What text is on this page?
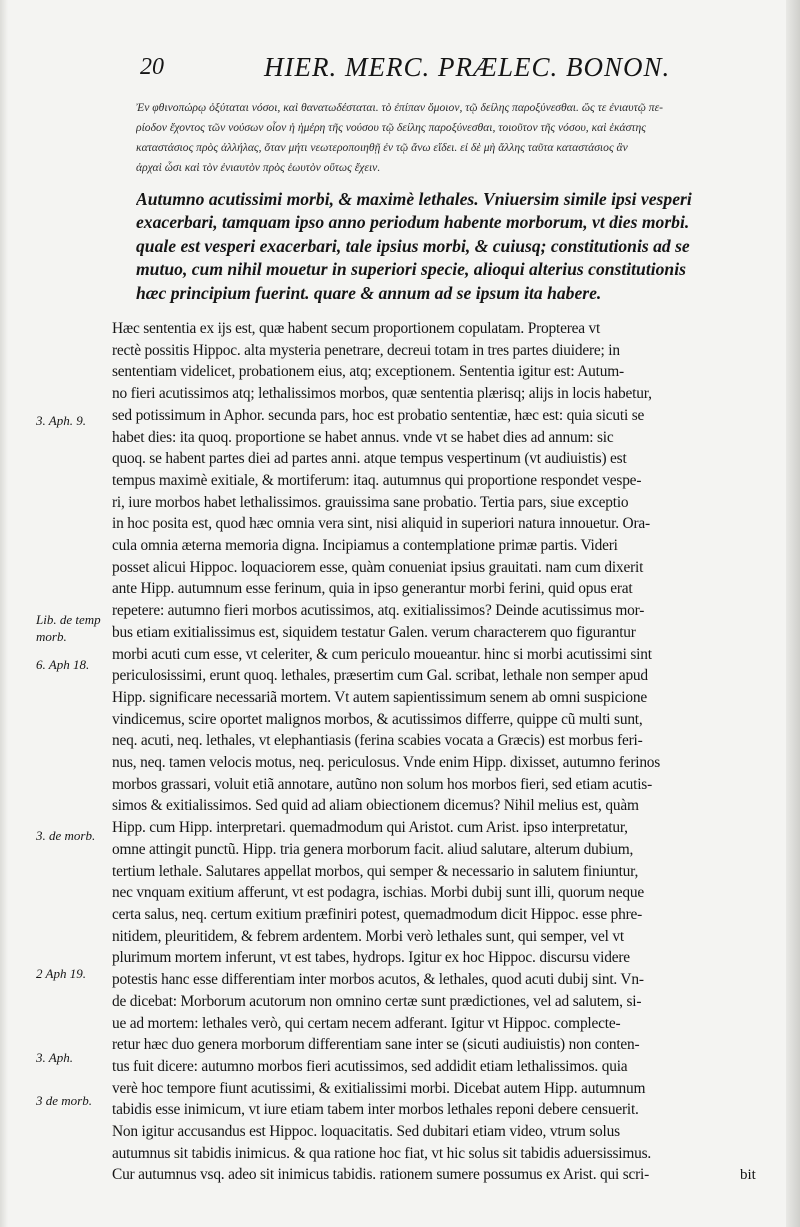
20	HIER. MERC. PRÆLEC. BONON.
Ἐν φθινοπώρῳ ὀξύταται νόσοι, καὶ θανατωδέσταται. τὸ ἐπίπαν ὅμοιον, τῷ δείλης παροξύνεσθαι. ὥς τε ἐνιαυτῷ πε-
ρίοδον ἔχοντος τῶν νούσων οἷον ἡ ἡμέρη τῆς νούσου τῷ δείλης παροξύνεσθαι, τοιοῦτον τῆς νόσου, καὶ ἑκάστης
καταστάσιος πρὸς ἀλλήλας, ὅταν μήτι νεωτεροποιηθῇ ἐν τῷ ἄνω εἴδει. εἰ δὲ μὴ ἄλλης ταῦτα καταστάσιος ἂν
ἀρχαὶ ὧσι καὶ τὸν ἐνιαυτὸν πρὸς ἑωυτὸν οὕτως ἔχειν.
Autumno acutissimi morbi, & maximè lethales. Vniuersim simile ipsi vesperi
exacerbari, tamquam ipso anno periodum habente morborum, vt dies morbi.
quale est vesperi exacerbari, tale ipsius morbi, & cuiusq; constitutionis ad se
mutuo, cum nihil mouetur in superiori specie, alioqui alterius constitutionis
hæc principium fuerint. quare & annum ad se ipsum ita habere.
Hæc sententia ex ijs est, quæ habent secum proportionem copulatam. Propterea vt
rectè possitis Hippoc. alta mysteria penetrare, decreui totam in tres partes diuidere; in
sententiam videlicet, probationem eius, atq; exceptionem. Sententia igitur est: Autum-
no fieri acutissimos atq; lethalissimos morbos, quæ sententia plærisq; alijs in locis habetur,
sed potissimum in Aphor. secunda pars, hoc est probatio sententiæ, hæc est: quia sicuti se
habet dies: ita quoq. proportione se habet annus. vnde vt se habet dies ad annum: sic
quoq. se habent partes diei ad partes anni. atque tempus vespertinum (vt audiuistis) est
tempus maximè exitiale, & mortiferum: itaq. autumnus qui proportione respondet vespe-
ri, iure morbos habet lethalissimos. grauissima sane probatio. Tertia pars, siue exceptio
in hoc posita est, quod hæc omnia vera sint, nisi aliquid in superiori natura innouetur. Ora-
cula omnia æterna memoria digna. Incipiamus a contemplatione primæ partis. Videri
posset alicui Hippoc. loquaciorem esse, quàm conueniat ipsius grauitati. nam cum dixerit
ante Hipp. autumnum esse ferinum, quia in ipso generantur morbi ferini, quid opus erat
repetere: autumno fieri morbos acutissimos, atq. exitialissimos? Deinde acutissimus mor-
bus etiam exitialissimus est, siquidem testatur Galen. verum characterem quo figurantur
morbi acuti cum esse, vt celeriter, & cum periculo moueantur. hinc si morbi acutissimi sint
periculosissimi, erunt quoq. lethales, præsertim cum Gal. scribat, lethale non semper apud
Hipp. significare necessariã mortem. Vt autem sapientissimum senem ab omni suspicione
vindicemus, scire oportet malignos morbos, & acutissimos differre, quippe cũ multi sunt,
neq. acuti, neq. lethales, vt elephantiasis (ferina scabies vocata a Græcis) est morbus feri-
nus, neq. tamen velocis motus, neq. periculosus. Vnde enim Hipp. dixisset, autumno ferinos
morbos grassari, voluit etiã annotare, autũno non solum hos morbos fieri, sed etiam acutis-
simos & exitialissimos. Sed quid ad aliam obiectionem dicemus? Nihil melius est, quàm
Hipp. cum Hipp. interpretari. quemadmodum qui Aristot. cum Arist. ipso interpretatur,
omne attingit punctũ. Hipp. tria genera morborum facit. aliud salutare, alterum dubium,
tertium lethale. Salutares appellat morbos, qui semper & necessario in salutem finiuntur,
nec vnquam exitium afferunt, vt est podagra, ischias. Morbi dubij sunt illi, quorum neque
certa salus, neq. certum exitium præfiniri potest, quemadmodum dicit Hippoc. esse phre-
nitidem, pleuritidem, & febrem ardentem. Morbi verò lethales sunt, qui semper, vel vt
plurimum mortem inferunt, vt est tabes, hydrops. Igitur ex hoc Hippoc. discursu videre
potestis hanc esse differentiam inter morbos acutos, & lethales, quod acuti dubij sint. Vn-
de dicebat: Morborum acutorum non omnino certæ sunt prædictiones, vel ad salutem, si-
ue ad mortem: lethales verò, qui certam necem adferant. Igitur vt Hippoc. complecte-
retur hæc duo genera morborum differentiam sane inter se (sicuti audiuistis) non conten-
tus fuit dicere: autumno morbos fieri acutissimos, sed addidit etiam lethalissimos. quia
verè hoc tempore fiunt acutissimi, & exitialissimi morbi. Dicebat autem Hipp. autumnum
tabidis esse inimicum, vt iure etiam tabem inter morbos lethales reponi debere censuerit.
Non igitur accusandus est Hippoc. loquacitatis. Sed dubitari etiam video, vtrum solus
autumnus sit tabidis inimicus. & qua ratione hoc fiat, vt hic solus sit tabidis aduersissimus.
Cur autumnus vsq. adeo sit inimicus tabidis. rationem sumere possumus ex Arist. qui scri-
3. Aph. 9.
Lib. de temp
morb.
6. Aph 18.
3. de morb.
2 Aph 19.
3. Aph.
3 de morb.
bit
